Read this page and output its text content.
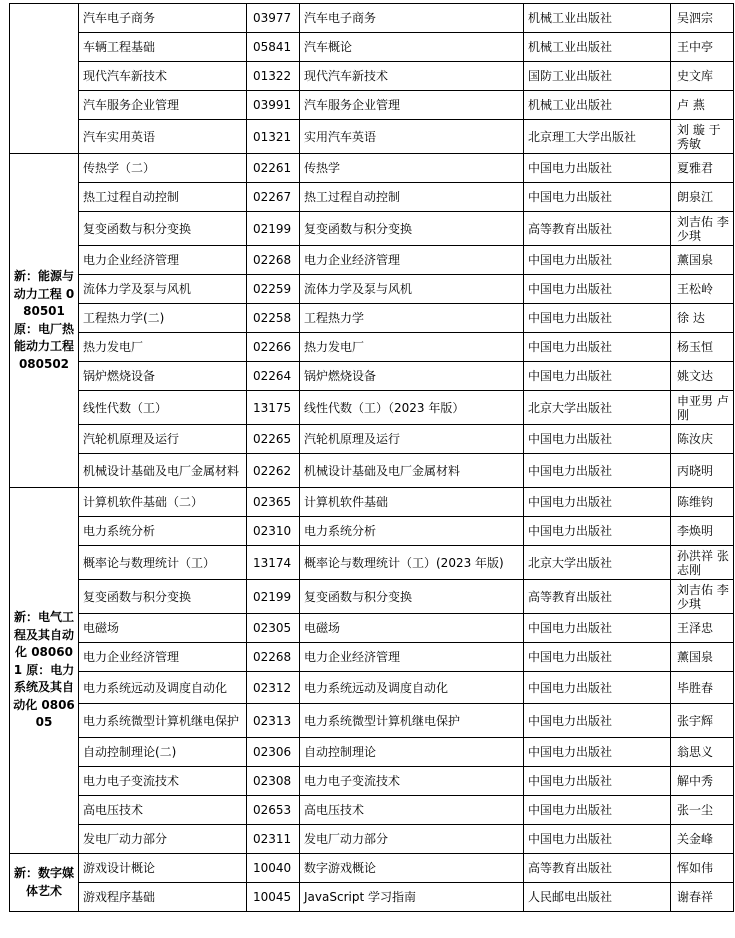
	汽车电子商务	03977	汽车电子商务	机械工业出版社	吴泗宗
	车辆工程基础	05841	汽车概论	机械工业出版社	王中亭
	现代汽车新技术	01322	现代汽车新技术	国防工业出版社	史文库
	汽车服务企业管理	03991	汽车服务企业管理	机械工业出版社	卢 燕
	汽车实用英语	01321	实用汽车英语	北京理工大学出版社	刘 璇 于秀敏
新：能源与动力工程 080501 原：电厂热能动力工程 080502	传热学（二）	02261	传热学	中国电力出版社	夏雅君
	热工过程自动控制	02267	热工过程自动控制	中国电力出版社	朗泉江
	复变函数与积分变换	02199	复变函数与积分变换	高等教育出版社	刘吉佑 李少琪
	电力企业经济管理	02268	电力企业经济管理	中国电力出版社	薰国泉
	流体力学及泵与风机	02259	流体力学及泵与风机	中国电力出版社	王松岭
	工程热力学(二)	02258	工程热力学	中国电力出版社	徐 达
	热力发电厂	02266	热力发电厂	中国电力出版社	杨玉恒
	锅炉燃烧设备	02264	锅炉燃烧设备	中国电力出版社	姚文达
	线性代数（工）	13175	线性代数（工）（2023 年版）	北京大学出版社	申亚男 卢 刚
	汽轮机原理及运行	02265	汽轮机原理及运行	中国电力出版社	陈汝庆
	机械设计基础及电厂金属材料	02262	机械设计基础及电厂金属材料	中国电力出版社	丙晓明
新：电气工程及其自动化 080601 原：电力系统及其自动化 080605	计算机软件基础（二）	02365	计算机软件基础	中国电力出版社	陈维钧
	电力系统分析	02310	电力系统分析	中国电力出版社	李焕明
	概率论与数理统计（工）	13174	概率论与数理统计（工）(2023 年版)	北京大学出版社	孙洪祥 张志刚
	复变函数与积分变换	02199	复变函数与积分变换	高等教育出版社	刘吉佑 李少琪
	电磁场	02305	电磁场	中国电力出版社	王泽忠
	电力企业经济管理	02268	电力企业经济管理	中国电力出版社	薰国泉
	电力系统远动及调度自动化	02312	电力系统远动及调度自动化	中国电力出版社	毕胜春
	电力系统微型计算机继电保护	02313	电力系统微型计算机继电保护	中国电力出版社	张宇辉
	自动控制理论(二)	02306	自动控制理论	中国电力出版社	翁思义
	电力电子变流技术	02308	电力电子变流技术	中国电力出版社	解中秀
	高电压技术	02653	高电压技术	中国电力出版社	张一尘
	发电厂动力部分	02311	发电厂动力部分	中国电力出版社	关金峰
新：数字媒体艺术	游戏设计概论	10040	数字游戏概论	高等教育出版社	恽如伟
	游戏程序基础	10045	JavaScript 学习指南	人民邮电出版社	谢春祥
